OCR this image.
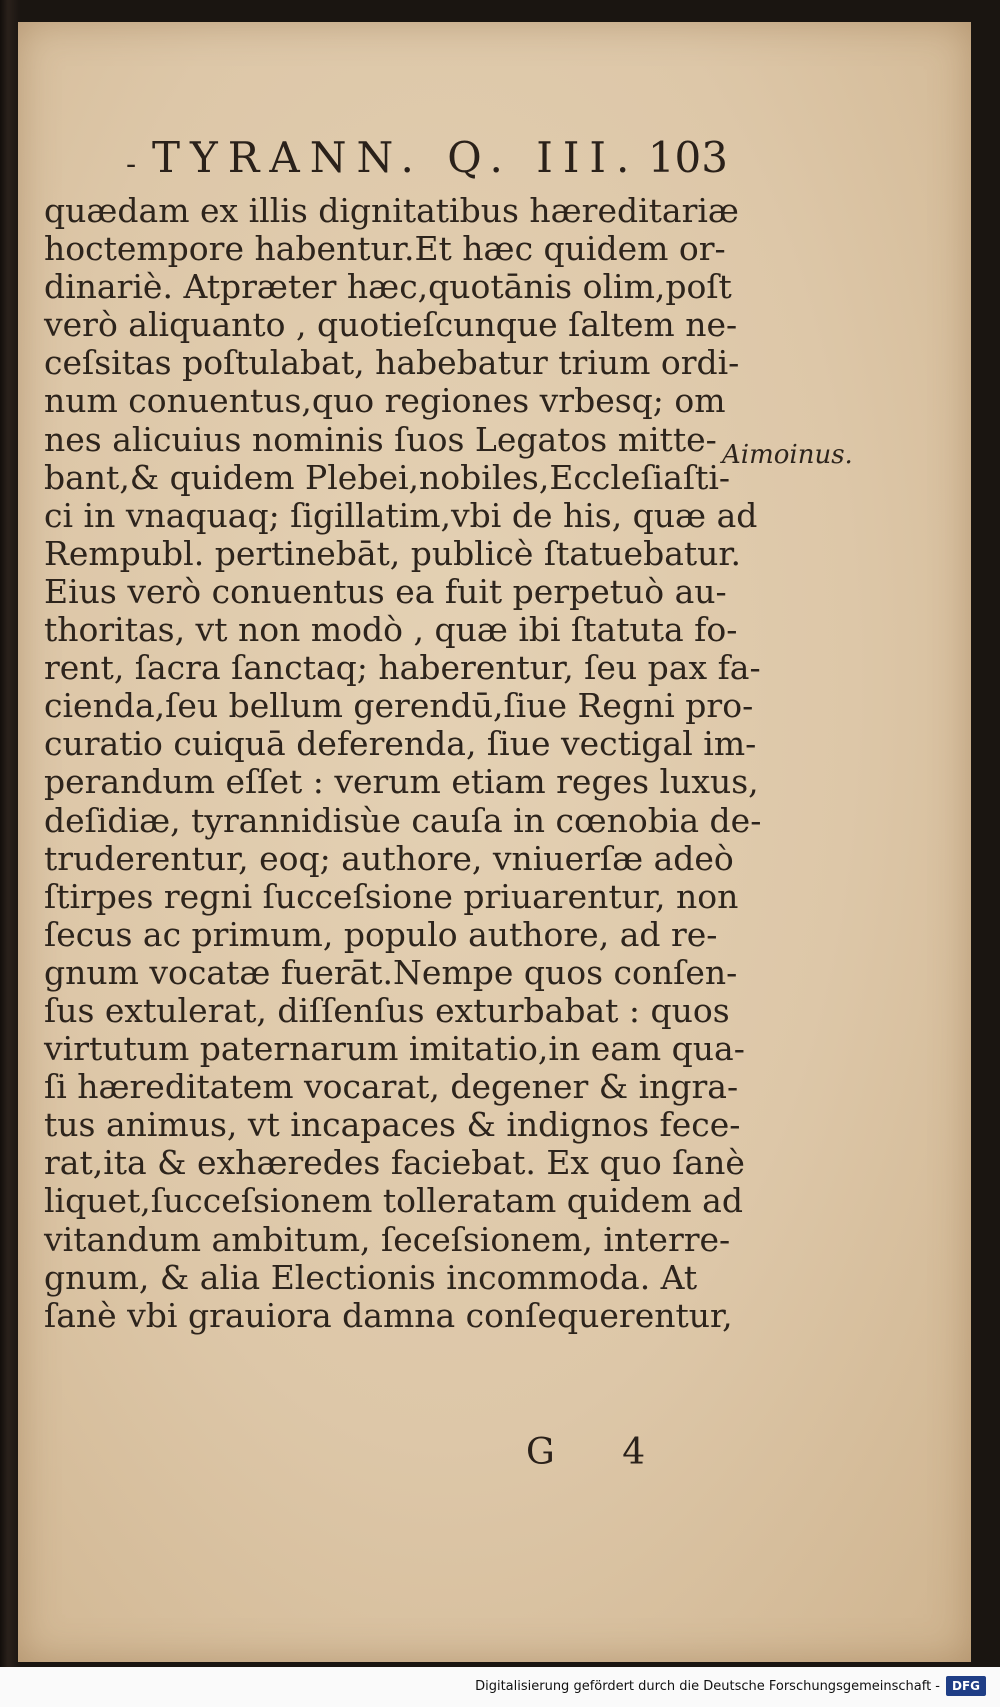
- TYRANN. Q. III. 103
quædam ex illis dignitatibus hæreditariæ
hoctempore habentur.Et hæc quidem or-
dinariè. Atpræter hæc,quotānis olim,poſt
verò aliquanto , quotieſcunque ſaltem ne-
ceſsitas poſtulabat, habebatur trium ordi-
num conuentus,quo regiones vrbesq; om
nes alicuius nominis ſuos Legatos mitte-
bant,& quidem Plebei,nobiles,Eccleſiaſti-
ci in vnaquaq; ſigillatim,vbi de his, quæ ad
Rempubl. pertinebāt, publicè ſtatuebatur.
Eius verò conuentus ea fuit perpetuò au-
thoritas, vt non modò , quæ ibi ſtatuta fo-
rent, ſacra ſanctaq; haberentur, ſeu pax fa-
cienda,ſeu bellum gerendū,ſiue Regni pro-
curatio cuiquā deferenda, ſiue vectigal im-
perandum eſſet : verum etiam reges luxus,
deſidiæ, tyrannidisùe cauſa in cœnobia de-
truderentur, eoq; authore, vniuerſæ adeò
ſtirpes regni ſucceſsione priuarentur, non
ſecus ac primum, populo authore, ad re-
gnum vocatæ fuerāt.Nempe quos conſen-
ſus extulerat, diſſenſus exturbabat : quos
virtutum paternarum imitatio,in eam qua-
ſi hæreditatem vocarat, degener & ingra-
tus animus, vt incapaces & indignos fece-
rat,ita & exhæredes faciebat. Ex quo ſanè
liquet,ſucceſsionem tolleratam quidem ad
vitandum ambitum, ſeceſsionem, interre-
gnum, & alia Electionis incommoda. At
ſanè vbi grauiora damna conſequerentur,
Aimoinus.
G 4
Digitalisierung gefördert durch die Deutsche Forschungsgemeinschaft - DFG
